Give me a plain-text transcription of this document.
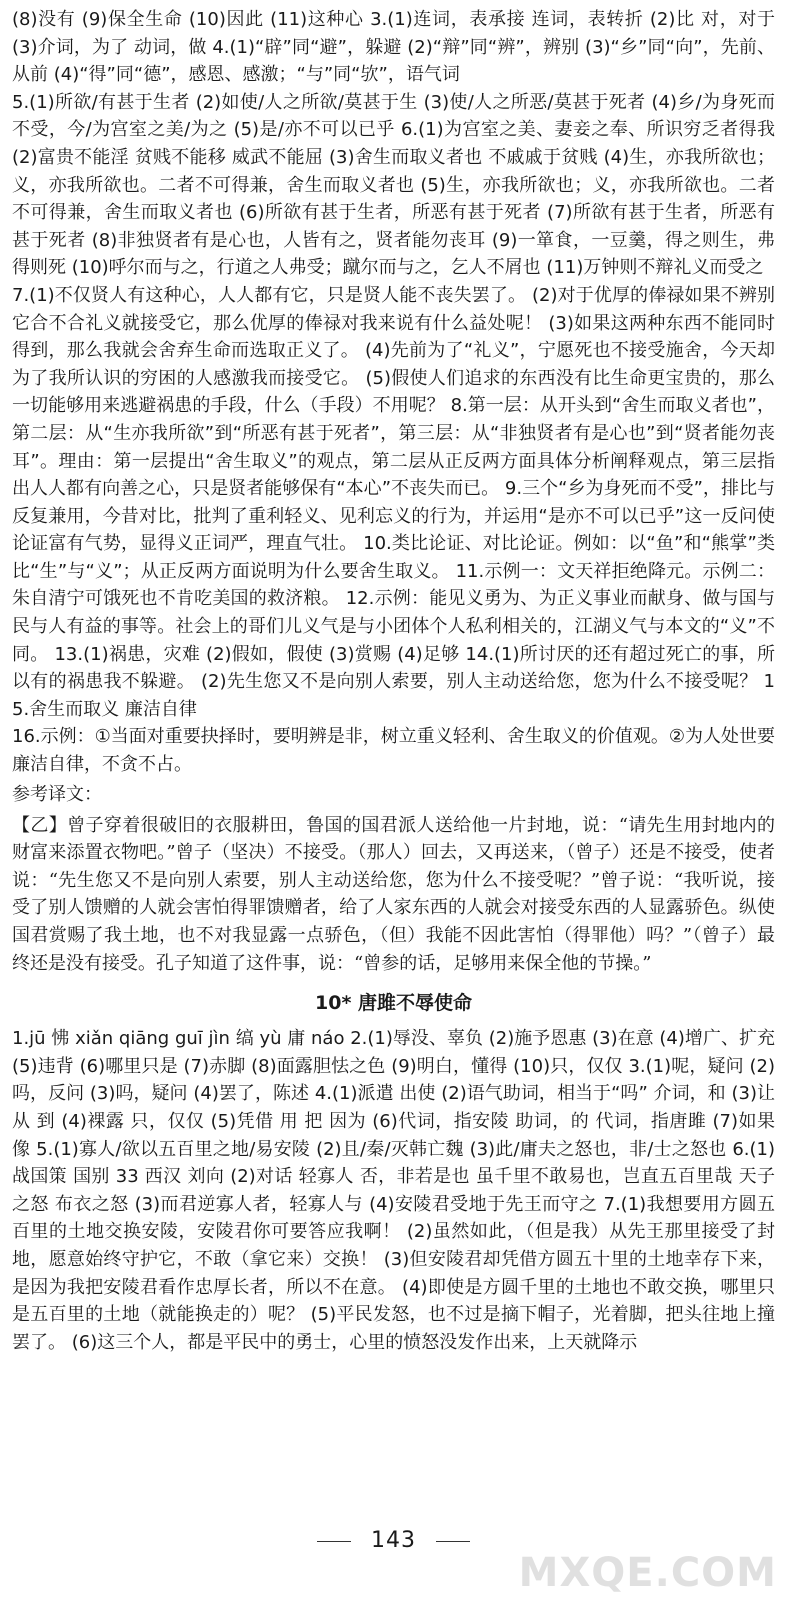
(8)没有 (9)保全生命 (10)因此 (11)这种心 3.(1)连词，表承接 连词，表转折 (2)比 对，对于 (3)介词，为了 动词，做 4.(1)“辟”同“避”，躲避 (2)“辩”同“辨”，辨别 (3)“乡”同“向”，先前、从前 (4)“得”同“德”，感恩、感激；“与”同“欤”，语气词

5.(1)所欲/有甚于生者 (2)如使/人之所欲/莫甚于生 (3)使/人之所恶/莫甚于死者 (4)乡/为身死而不受，今/为宫室之美/为之 (5)是/亦不可以已乎 6.(1)为宫室之美、妻妾之奉、所识穷乏者得我 (2)富贵不能淫 贫贱不能移 威武不能屈 (3)舍生而取义者也 不戚戚于贫贱 (4)生，亦我所欲也；义，亦我所欲也。二者不可得兼，舍生而取义者也 (5)生，亦我所欲也；义，亦我所欲也。二者不可得兼，舍生而取义者也 (6)所欲有甚于生者，所恶有甚于死者 (7)所欲有甚于生者，所恶有甚于死者 (8)非独贤者有是心也，人皆有之，贤者能勿丧耳 (9)一箪食，一豆羹，得之则生，弗得则死 (10)呼尔而与之，行道之人弗受；蹴尔而与之，乞人不屑也 (11)万钟则不辩礼义而受之

7.(1)不仅贤人有这种心，人人都有它，只是贤人能不丧失罢了。 (2)对于优厚的俸禄如果不辨别它合不合礼义就接受它，那么优厚的俸禄对我来说有什么益处呢！ (3)如果这两种东西不能同时得到，那么我就会舍弃生命而选取正义了。 (4)先前为了“礼义”，宁愿死也不接受施舍，今天却为了我所认识的穷困的人感激我而接受它。 (5)假使人们追求的东西没有比生命更宝贵的，那么一切能够用来逃避祸患的手段，什么（手段）不用呢？ 8.第一层：从开头到“舍生而取义者也”，第二层：从“生亦我所欲”到“所恶有甚于死者”，第三层：从“非独贤者有是心也”到“贤者能勿丧耳”。理由：第一层提出“舍生取义”的观点，第二层从正反两方面具体分析阐释观点，第三层指出人人都有向善之心，只是贤者能够保有“本心”不丧失而已。 9.三个“乡为身死而不受”，排比与反复兼用，今昔对比，批判了重利轻义、见利忘义的行为，并运用“是亦不可以已乎”这一反问使论证富有气势，显得义正词严，理直气壮。 10.类比论证、对比论证。例如：以“鱼”和“熊掌”类比“生”与“义”；从正反两方面说明为什么要舍生取义。 11.示例一：文天祥拒绝降元。示例二：朱自清宁可饿死也不肯吃美国的救济粮。 12.示例：能见义勇为、为正义事业而献身、做与国与民与人有益的事等。社会上的哥们儿义气是与小团体个人私利相关的，江湖义气与本文的“义”不同。 13.(1)祸患，灾难 (2)假如，假使 (3)赏赐 (4)足够 14.(1)所讨厌的还有超过死亡的事，所以有的祸患我不躲避。 (2)先生您又不是向别人索要，别人主动送给您，您为什么不接受呢？ 15.舍生而取义 廉洁自律

16.示例：①当面对重要抉择时，要明辨是非，树立重义轻利、舍生取义的价值观。②为人处世要廉洁自律，不贪不占。

参考译文：

【乙】曾子穿着很破旧的衣服耕田，鲁国的国君派人送给他一片封地，说：“请先生用封地内的财富来添置衣物吧。”曾子（坚决）不接受。（那人）回去，又再送来，（曾子）还是不接受，使者说：“先生您又不是向别人索要，别人主动送给您，您为什么不接受呢？”曾子说：“我听说，接受了别人馈赠的人就会害怕得罪馈赠者，给了人家东西的人就会对接受东西的人显露骄色。纵使国君赏赐了我土地，也不对我显露一点骄色，（但）我能不因此害怕（得罪他）吗？”（曾子）最终还是没有接受。孔子知道了这件事，说：“曾参的话，足够用来保全他的节操。”

10* 唐雎不辱使命

1.jū 怫 xiǎn qiāng guī jìn 缟 yù 庸 náo 2.(1)辱没、辜负 (2)施予恩惠 (3)在意 (4)增广、扩充 (5)违背 (6)哪里只是 (7)赤脚 (8)面露胆怯之色 (9)明白，懂得 (10)只，仅仅 3.(1)呢，疑问 (2)吗，反问 (3)吗，疑问 (4)罢了，陈述 4.(1)派遣 出使 (2)语气助词，相当于“吗” 介词，和 (3)让 从 到 (4)裸露 只，仅仅 (5)凭借 用 把 因为 (6)代词，指安陵 助词，的 代词，指唐雎 (7)如果 像 5.(1)寡人/欲以五百里之地/易安陵 (2)且/秦/灭韩亡魏 (3)此/庸夫之怒也，非/士之怒也 6.(1)战国策 国别 33 西汉 刘向 (2)对话 轻寡人 否，非若是也 虽千里不敢易也，岂直五百里哉 天子之怒 布衣之怒 (3)而君逆寡人者，轻寡人与 (4)安陵君受地于先王而守之 7.(1)我想要用方圆五百里的土地交换安陵，安陵君你可要答应我啊！ (2)虽然如此，（但是我）从先王那里接受了封地，愿意始终守护它，不敢（拿它来）交换！ (3)但安陵君却凭借方圆五十里的土地幸存下来，是因为我把安陵君看作忠厚长者，所以不在意。 (4)即使是方圆千里的土地也不敢交换，哪里只是五百里的土地（就能换走的）呢？ (5)平民发怒，也不过是摘下帽子，光着脚，把头往地上撞罢了。 (6)这三个人，都是平民中的勇士，心里的愤怒没发作出来，上天就降示

143
MXQE.COM
